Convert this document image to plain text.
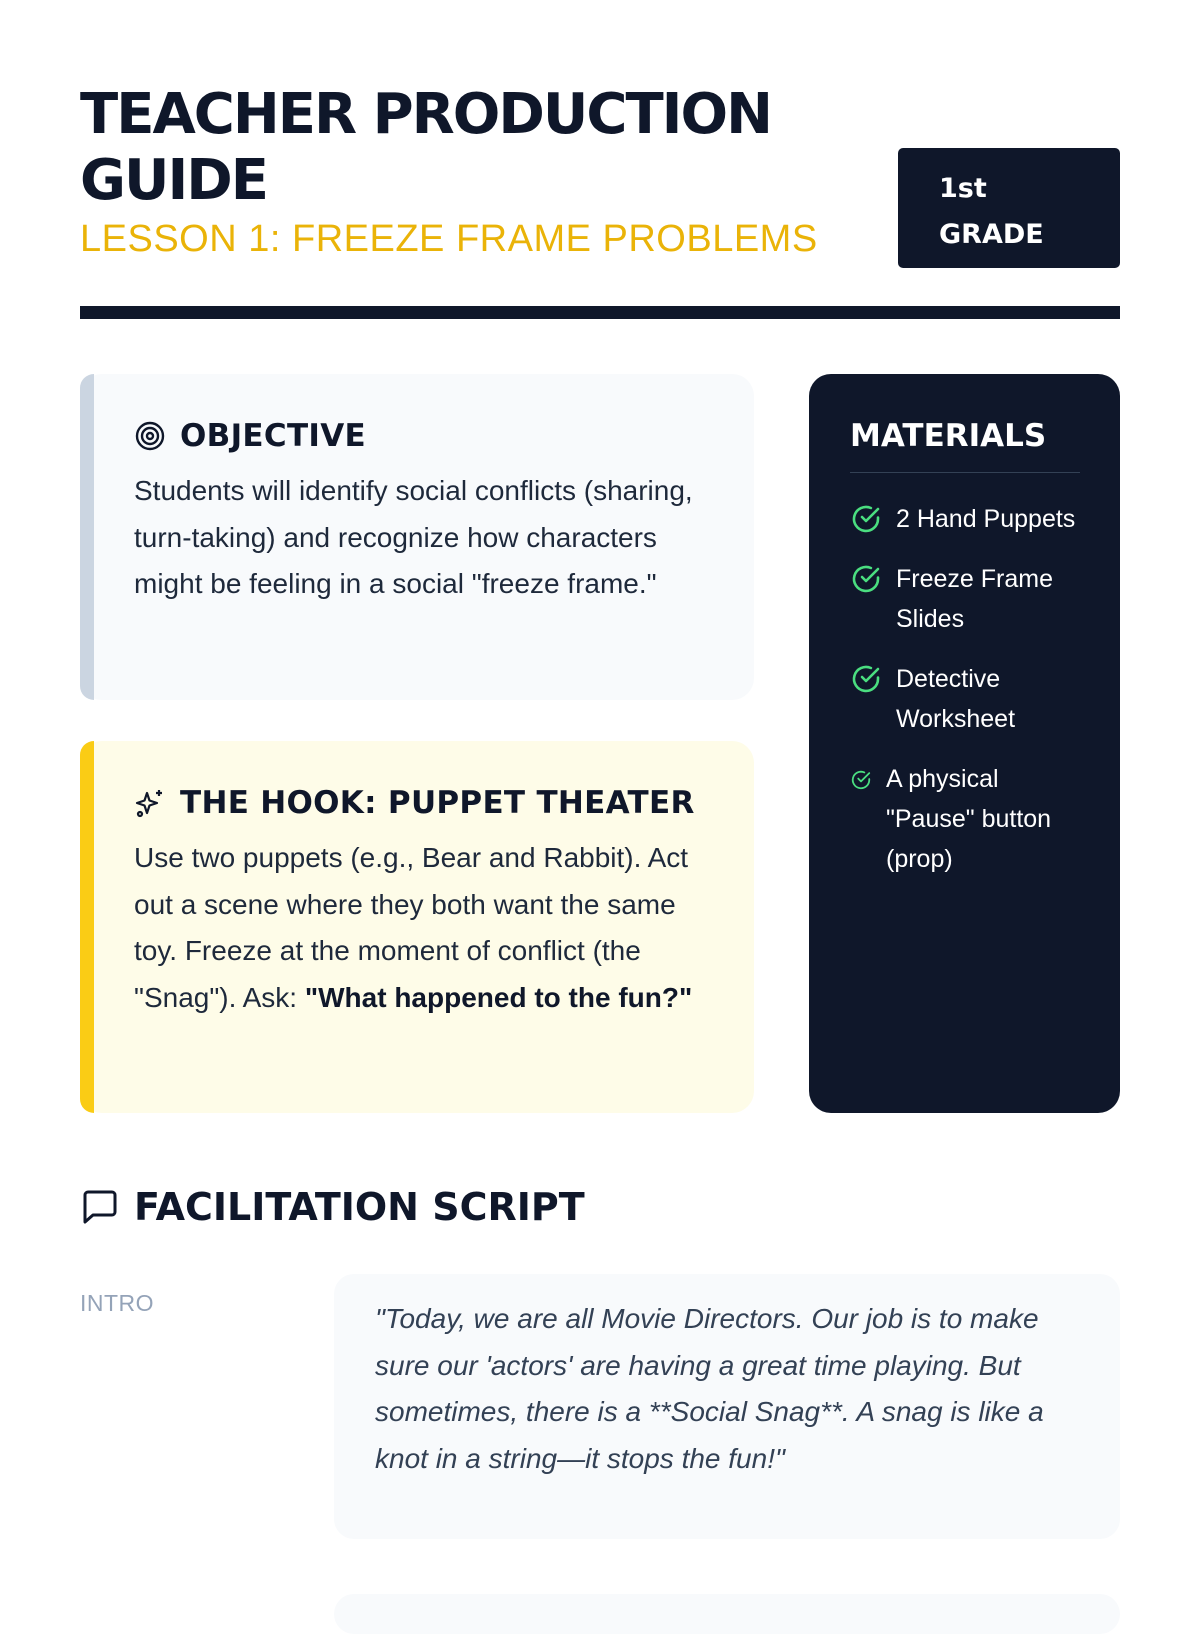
TEACHER PRODUCTION GUIDE
LESSON 1: FREEZE FRAME PROBLEMS
1st
GRADE
OBJECTIVE

Students will identify social conflicts (sharing, turn-taking) and recognize how characters might be feeling in a social "freeze frame."

THE HOOK: PUPPET THEATER

Use two puppets (e.g., Bear and Rabbit). Act out a scene where they both want the same toy. Freeze at the moment of conflict (the "Snag"). Ask: "What happened to the fun?"

MATERIALS
2 Hand Puppets
Freeze Frame Slides
Detective Worksheet
A physical "Pause" button (prop)
FACILITATION SCRIPT
INTRO	"Today, we are all Movie Directors. Our job is to make sure our 'actors' are having a great time playing. But sometimes, there is a **Social Snag**. A snag is like a knot in a string—it stops the fun!"
